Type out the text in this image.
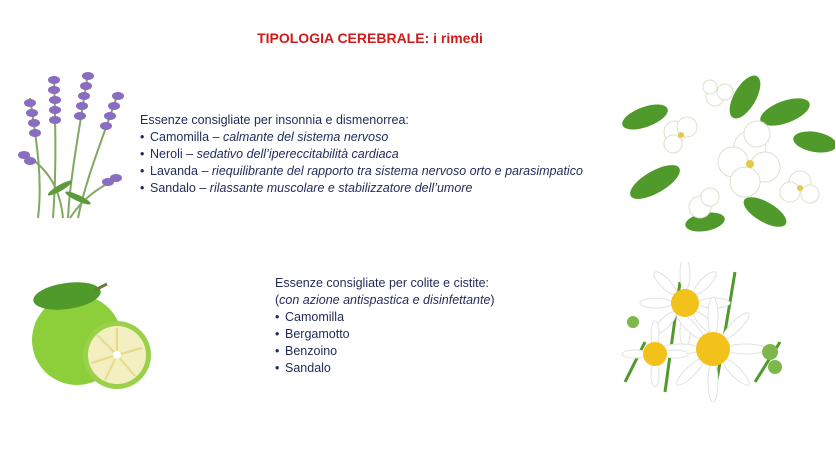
TIPOLOGIA CEREBRALE: i rimedi
Essenze consigliate per insonnia e dismenorrea:
• Camomilla – calmante del sistema nervoso
• Neroli – sedativo dell’ipereccitabilità cardiaca
• Lavanda – riequilibrante del rapporto tra sistema nervoso orto e parasimpatico
• Sandalo – rilassante muscolare e stabilizzatore dell’umore
Essenze consigliate per colite e cistite:
(con azione antispastica e disinfettante)
• Camomilla
• Bergamotto
• Benzoino
• Sandalo
